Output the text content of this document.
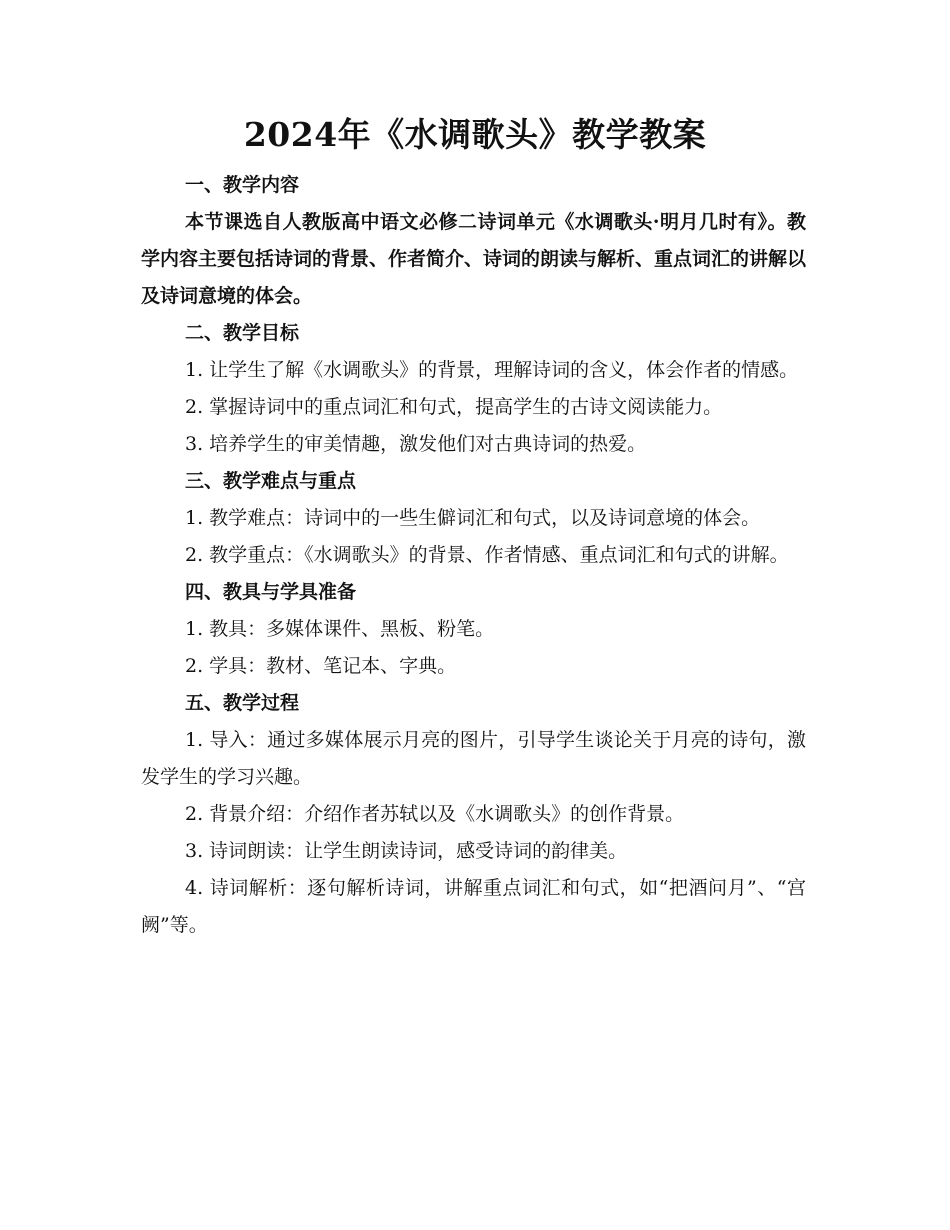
2024年《水调歌头》教学教案

一、教学内容

本节课选自人教版高中语文必修二诗词单元《水调歌头·明月几时有》。教学内容主要包括诗词的背景、作者简介、诗词的朗读与解析、重点词汇的讲解以及诗词意境的体会。

二、教学目标

1. 让学生了解《水调歌头》的背景，理解诗词的含义，体会作者的情感。

2. 掌握诗词中的重点词汇和句式，提高学生的古诗文阅读能力。

3. 培养学生的审美情趣，激发他们对古典诗词的热爱。

三、教学难点与重点

1. 教学难点：诗词中的一些生僻词汇和句式，以及诗词意境的体会。

2. 教学重点：《水调歌头》的背景、作者情感、重点词汇和句式的讲解。

四、教具与学具准备

1. 教具：多媒体课件、黑板、粉笔。

2. 学具：教材、笔记本、字典。

五、教学过程

1. 导入：通过多媒体展示月亮的图片，引导学生谈论关于月亮的诗句，激发学生的学习兴趣。

2. 背景介绍：介绍作者苏轼以及《水调歌头》的创作背景。

3. 诗词朗读：让学生朗读诗词，感受诗词的韵律美。

4. 诗词解析：逐句解析诗词，讲解重点词汇和句式，如“把酒问月”、“宫阙”等。
